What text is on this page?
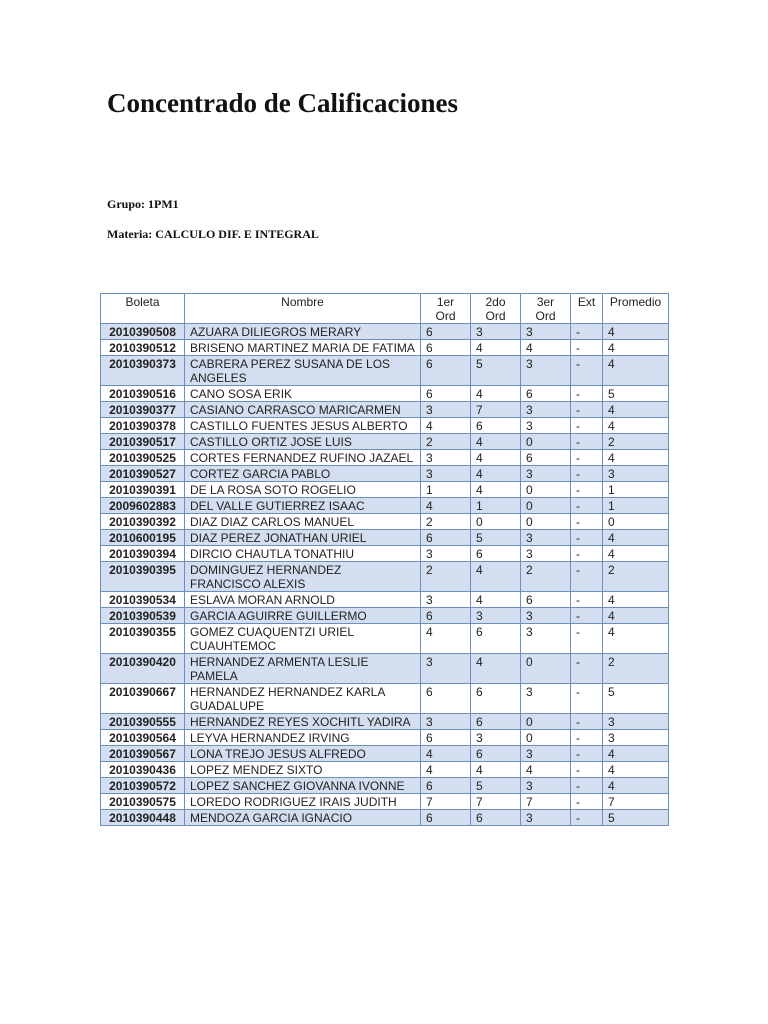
Concentrado de Calificaciones

Grupo: 1PM1

Materia: CALCULO DIF. E INTEGRAL

Boleta	Nombre	1er Ord	2do Ord	3er Ord	Ext	Promedio
2010390508	AZUARA DILIEGROS MERARY	6	3	3	-	4
2010390512	BRISENO MARTINEZ MARIA DE FATIMA	6	4	4	-	4
2010390373	CABRERA PEREZ SUSANA DE LOS ANGELES	6	5	3	-	4
2010390516	CANO SOSA ERIK	6	4	6	-	5
2010390377	CASIANO CARRASCO MARICARMEN	3	7	3	-	4
2010390378	CASTILLO FUENTES JESUS ALBERTO	4	6	3	-	4
2010390517	CASTILLO ORTIZ JOSE LUIS	2	4	0	-	2
2010390525	CORTES FERNANDEZ RUFINO JAZAEL	3	4	6	-	4
2010390527	CORTEZ GARCIA PABLO	3	4	3	-	3
2010390391	DE LA ROSA SOTO ROGELIO	1	4	0	-	1
2009602883	DEL VALLE GUTIERREZ ISAAC	4	1	0	-	1
2010390392	DIAZ DIAZ CARLOS MANUEL	2	0	0	-	0
2010600195	DIAZ PEREZ JONATHAN URIEL	6	5	3	-	4
2010390394	DIRCIO CHAUTLA TONATHIU	3	6	3	-	4
2010390395	DOMINGUEZ HERNANDEZ FRANCISCO ALEXIS	2	4	2	-	2
2010390534	ESLAVA MORAN ARNOLD	3	4	6	-	4
2010390539	GARCIA AGUIRRE GUILLERMO	6	3	3	-	4
2010390355	GOMEZ CUAQUENTZI URIEL CUAUHTEMOC	4	6	3	-	4
2010390420	HERNANDEZ ARMENTA LESLIE PAMELA	3	4	0	-	2
2010390667	HERNANDEZ HERNANDEZ KARLA GUADALUPE	6	6	3	-	5
2010390555	HERNANDEZ REYES XOCHITL YADIRA	3	6	0	-	3
2010390564	LEYVA HERNANDEZ IRVING	6	3	0	-	3
2010390567	LONA TREJO JESUS ALFREDO	4	6	3	-	4
2010390436	LOPEZ MENDEZ SIXTO	4	4	4	-	4
2010390572	LOPEZ SANCHEZ GIOVANNA IVONNE	6	5	3	-	4
2010390575	LOREDO RODRIGUEZ IRAIS JUDITH	7	7	7	-	7
2010390448	MENDOZA GARCIA IGNACIO	6	6	3	-	5
